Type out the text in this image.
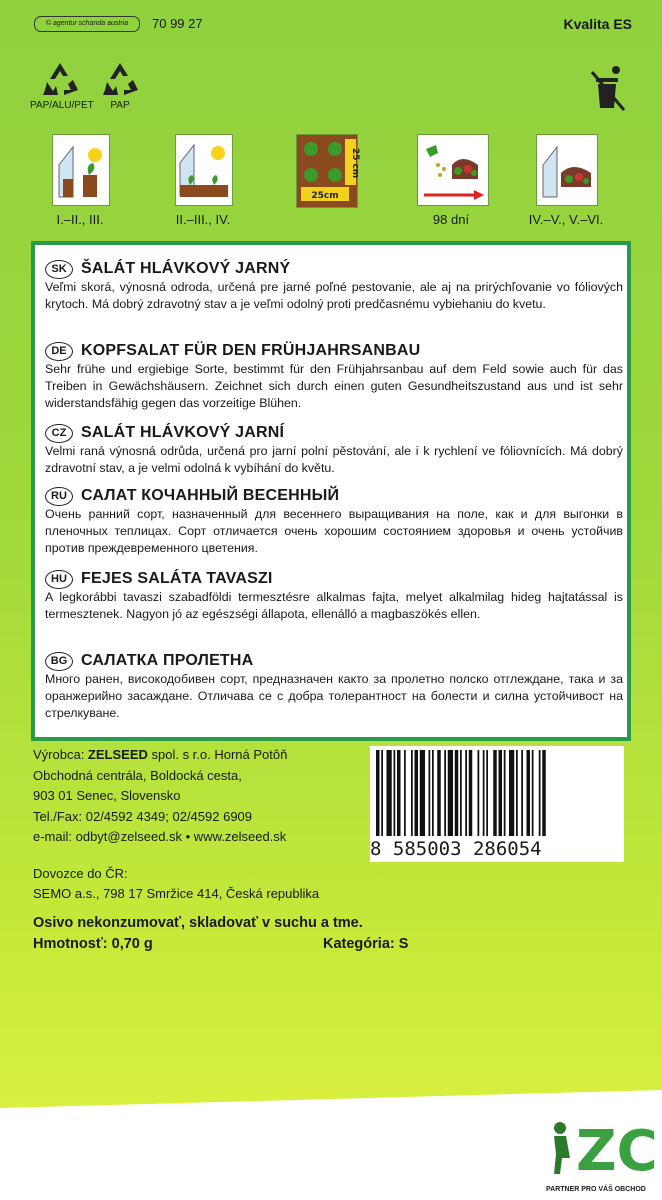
© agentur schanda austria	70 99 27	Kvalita ES
PAP/ALU/PET	PAP
25cm
25 cm
I.–II., III.	II.–III., IV.	98 dní	IV.–V., V.–VI.
SK ŠALÁT HLÁVKOVÝ JARNÝ
Veľmi skorá, výnosná odroda, určená pre jarné poľné pestovanie, ale aj na prirýchľovanie vo fóliových krytoch. Má dobrý zdravotný stav a je veľmi odolný proti predčasnému vybiehaniu do kvetu.
DE KOPFSALAT FÜR DEN FRÜHJAHRSANBAU
Sehr frühe und ergiebige Sorte, bestimmt für den Frühjahrsanbau auf dem Feld sowie auch für das Treiben in Gewächshäusern. Zeichnet sich durch einen guten Gesundheitszustand aus und ist sehr widerstandsfähig gegen das vorzeitige Blühen.
CZ SALÁT HLÁVKOVÝ JARNÍ
Velmi raná výnosná odrůda, určená pro jarní polní pěstování, ale i k rychlení ve fóliovnících. Má dobrý zdravotní stav, a je velmi odolná k vybíhání do květu.
RU САЛАТ КОЧАННЫЙ ВЕСЕННЫЙ
Очень ранний сорт, назначенный для весеннего выращивания на поле, как и для выгонки в пленочных теплицах. Сорт отличается очень хорошим состоянием здоровья и очень устойчив против преждевременного цветения.
HU FEJES SALÁTA TAVASZI
A legkorábbi tavaszi szabadföldi termesztésre alkalmas fajta, melyet alkalmilag hideg hajtatással is termesztenek. Nagyon jó az egészségi állapota, ellenálló a magbaszökés ellen.
BG САЛАТКА ПРОЛЕТНА
Много ранен, високодобивен сорт, предназначен както за пролетно полско отглеждане, така и за оранжерийно засаждане. Отличава се с добра толерантност на болести и силна устойчивост на стрелкуване.
Výrobca: ZELSEED spol. s r.o. Horná Potôň
Obchodná centrála, Boldocká cesta,
903 01 Senec, Slovensko
Tel./Fax: 02/4592 4349; 02/4592 6909
e-mail: odbyt@zelseed.sk • www.zelseed.sk
Dovozce do ČR:
SEMO a.s., 798 17 Smržice 414, Česká republika
Osivo nekonzumovať, skladovať v suchu a tme.
Hmotnosť: 0,70 g	Kategória: S
8 585003 286054
ZC
PARTNER PRO VÁŠ OBCHOD
